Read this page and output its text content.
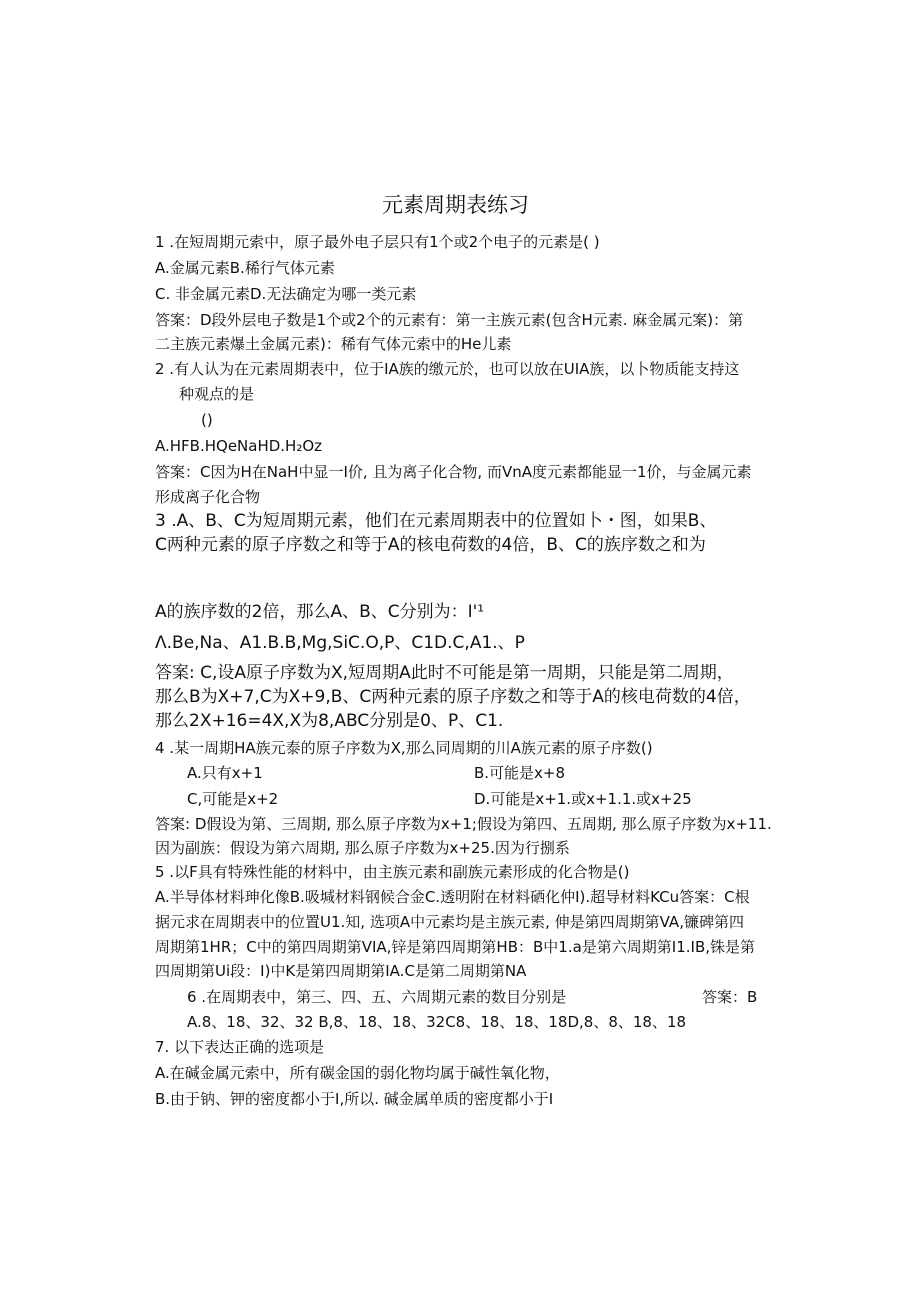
元素周期表练习
1 .在短周期元索中，原子最外电子层只有1个或2个电子的元素是( )
A.金属元素B.稀行气体元素
C. 非金属元素D.无法确定为哪一类元素
答案：D段外层电子数是1个或2个的元素有：第一主族元素(包含H元素. 麻金属元案)：第
二主族元素爆土金属元素)：稀有气体元索中的He儿素
2 .有人认为在元素周期表中，位于IA族的缴元於，也可以放在UIA族，以卜物质能支持这
种观点的是
()
A.HFB.HQeNaHD.H₂Oz
答案：C因为H在NaH中显一I价, 且为离子化合物, 而VnA度元素都能显一1价，与金属元素
形成离子化合物
3 .A、B、C为短周期元素，他们在元素周期表中的位置如卜・图，如果B、
C两种元素的原子序数之和等于A的核电荷数的4倍，B、C的族序数之和为
A的族序数的2倍，那么A、B、C分别为：I'¹
Λ.Be,Na、A1.B.B,Mg,SiC.O,P、C1D.C,A1.、P
答案: C,设A原子序数为X,短周期A此时不可能是第一周期，只能是第二周期，
那么B为X+7,C为X+9,B、C两种元素的原子序数之和等于A的核电荷数的4倍，
那么2X+16=4X,X为8,ABC分别是0、P、C1.
4 .某一周期HA族元泰的原子序数为X,那么同周期的川A族元素的原子序数()
A.只有x+1	B.可能是x+8
C,可能是x+2	D.可能是x+1.或x+1.1.或x+25
答案: D假设为第、三周期, 那么原子序数为x+1;假设为第四、五周期, 那么原子序数为x+11.
因为副族：假设为第六周期, 那么原子序数为x+25.因为行捌系
5 .以F具有特殊性能的材料中，由主族元素和副族元素形成的化合物是()
A.半导体材料珅化像B.吸堿材料钢候合金C.透明附在材料硒化仲I).超导材料KCu答案：C根
据元求在周期表中的位置U1.知, 选项A中元素均是主族元素, 伸是第四周期第VA,镰碑第四
周期第1HR；C中的第四周期第VIA,锌是第四周期第HB：B中1.a是第六周期第I1.IB,铢是第
四周期第Ui段：I)中K是第四周期第IA.C是第二周期第NA
6 .在周期表中，第三、四、五、六周期元素的数目分别是	答案：B
A.8、18、32、32 B,8、18、18、32C8、18、18、18D,8、8、18、18
7. 以下表达正确的选项是
A.在碱金属元索中，所有碳金国的弱化物均属于碱性氧化物，
B.由于钠、钾的密度都小于I,所以. 碱金属单质的密度都小于I
